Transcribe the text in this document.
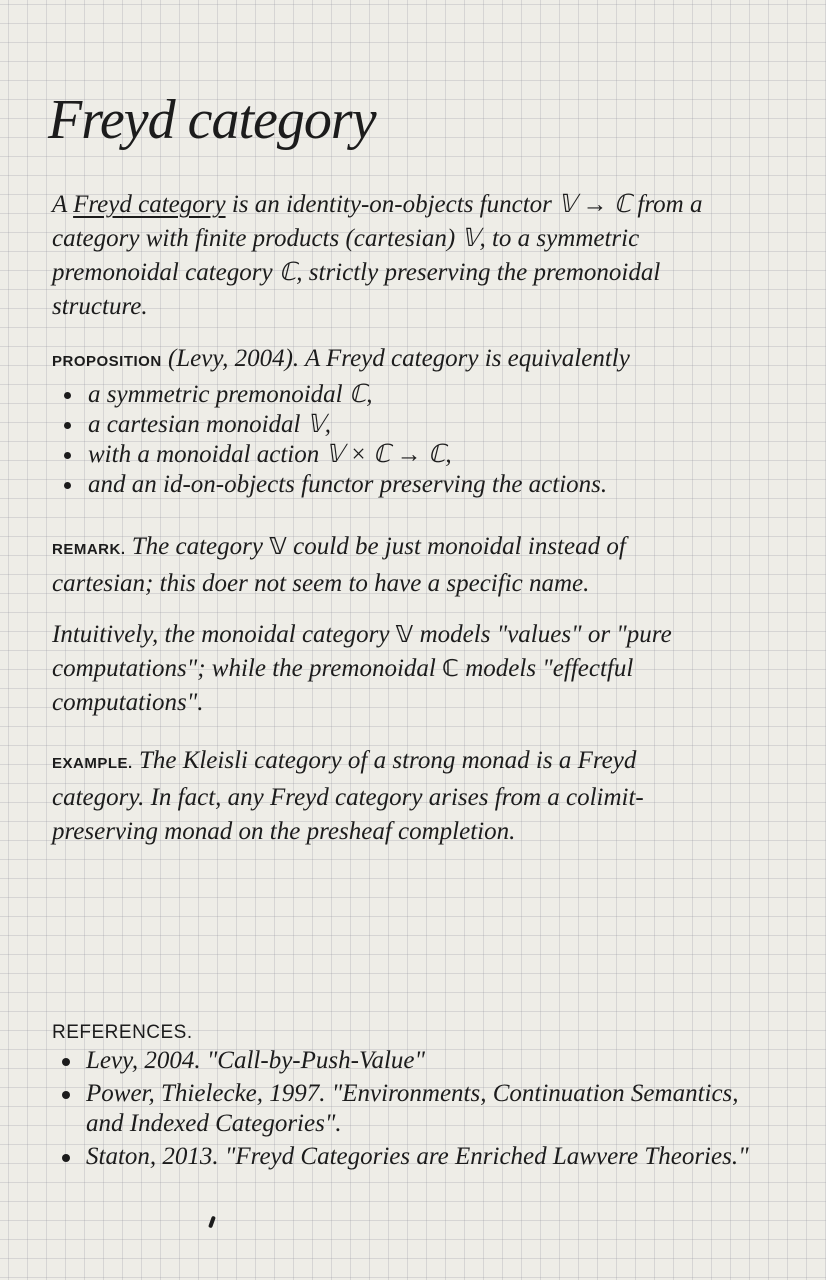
Freyd category

A Freyd category is an identity-on-objects functor 𝕍 → ℂ from a category with finite products (cartesian) 𝕍, to a symmetric premonoidal category ℂ, strictly preserving the premonoidal structure.

PROPOSITION (Levy, 2004). A Freyd category is equivalently

a symmetric premonoidal ℂ,
a cartesian monoidal 𝕍,
with a monoidal action 𝕍 × ℂ → ℂ,
and an id-on-objects functor preserving the actions.

REMARK. The category 𝕍 could be just monoidal instead of cartesian; this doer not seem to have a specific name.

Intuitively, the monoidal category 𝕍 models "values" or "pure computations"; while the premonoidal ℂ models "effectful computations".

EXAMPLE. The Kleisli category of a strong monad is a Freyd category. In fact, any Freyd category arises from a colimit-preserving monad on the presheaf completion.

REFERENCES.

Levy, 2004. "Call-by-Push-Value"
Power, Thielecke, 1997. "Environments, Continuation Semantics, and Indexed Categories".
Staton, 2013. "Freyd Categories are Enriched Lawvere Theories."
